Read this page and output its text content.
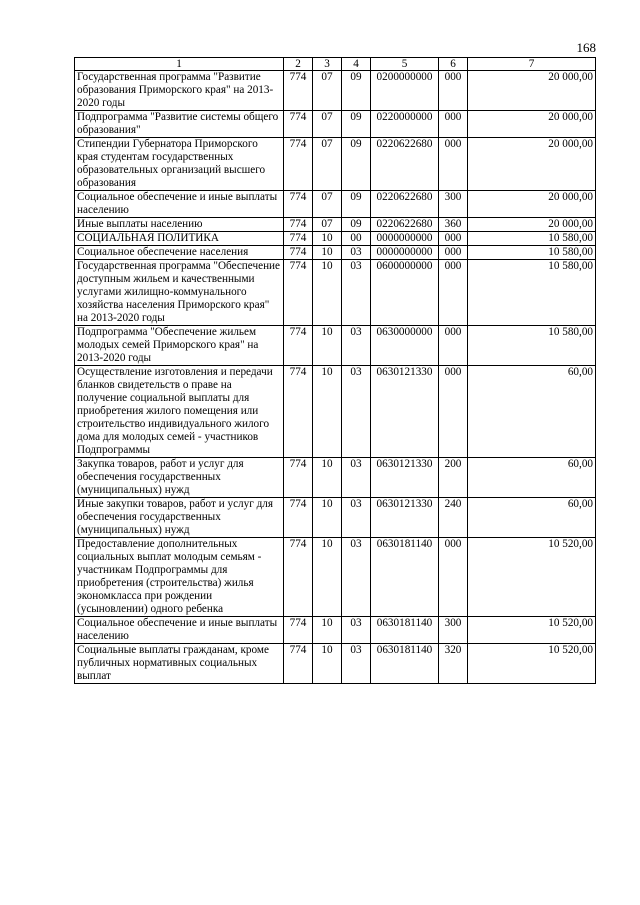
168
1	2	3	4	5	6	7
Государственная программа "Развитие образования Приморского края" на 2013-2020 годы	774	07	09	0200000000	000	20 000,00
Подпрограмма "Развитие системы общего образования"	774	07	09	0220000000	000	20 000,00
Стипендии Губернатора Приморского края студентам государственных образовательных организаций высшего образования	774	07	09	0220622680	000	20 000,00
Социальное обеспечение и иные выплаты населению	774	07	09	0220622680	300	20 000,00
Иные выплаты населению	774	07	09	0220622680	360	20 000,00
СОЦИАЛЬНАЯ ПОЛИТИКА	774	10	00	0000000000	000	10 580,00
Социальное обеспечение населения	774	10	03	0000000000	000	10 580,00
Государственная программа "Обеспечение доступным жильем и качественными услугами жилищно-коммунального хозяйства населения Приморского края" на 2013-2020 годы	774	10	03	0600000000	000	10 580,00
Подпрограмма "Обеспечение жильем молодых семей Приморского края" на 2013-2020 годы	774	10	03	0630000000	000	10 580,00
Осуществление изготовления и передачи бланков свидетельств о праве на получение социальной выплаты для приобретения жилого помещения или строительство индивидуального жилого дома для молодых семей - участников Подпрограммы	774	10	03	0630121330	000	60,00
Закупка товаров, работ и услуг для обеспечения государственных (муниципальных) нужд	774	10	03	0630121330	200	60,00
Иные закупки товаров, работ и услуг для обеспечения государственных (муниципальных) нужд	774	10	03	0630121330	240	60,00
Предоставление дополнительных социальных выплат молодым семьям - участникам Подпрограммы для приобретения (строительства) жилья экономкласса при рождении (усыновлении) одного ребенка	774	10	03	0630181140	000	10 520,00
Социальное обеспечение и иные выплаты населению	774	10	03	0630181140	300	10 520,00
Социальные выплаты гражданам, кроме публичных нормативных социальных выплат	774	10	03	0630181140	320	10 520,00
